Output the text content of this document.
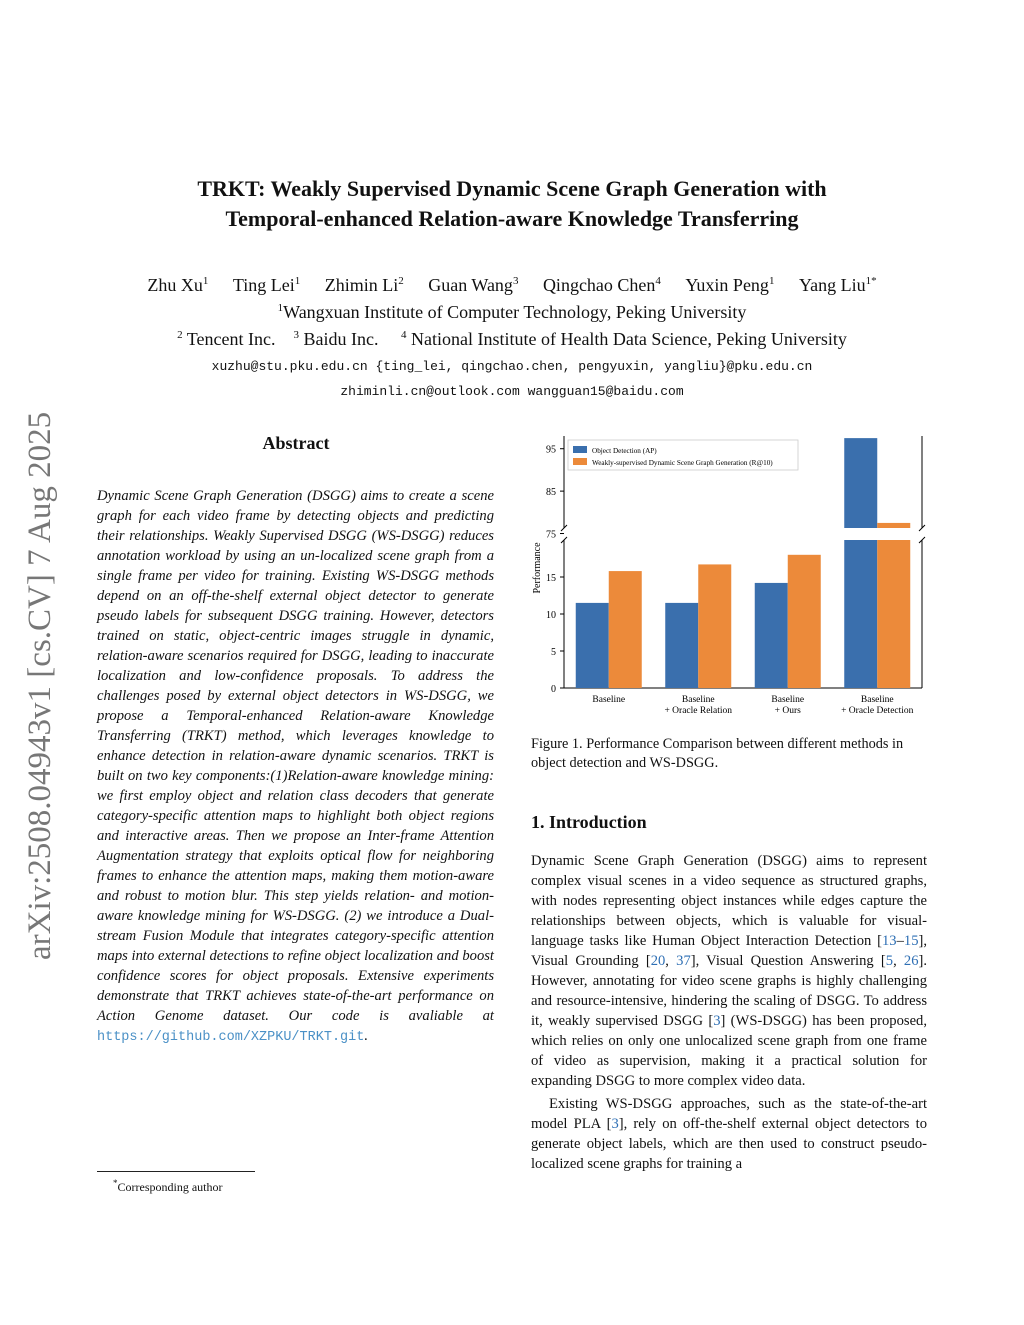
arXiv:2508.04943v1 [cs.CV] 7 Aug 2025
TRKT: Weakly Supervised Dynamic Scene Graph Generation with
Temporal-enhanced Relation-aware Knowledge Transferring
Zhu Xu$^1$ Ting Lei$^1$ Zhimin Li$^2$ Guan Wang$^3$ Qingchao Chen$^4$ Yuxin Peng$^1$ Yang Liu$^{1*}$
$^1$Wangxuan Institute of Computer Technology, Peking University
$^2$ Tencent Inc. $^3$ Baidu Inc. $^4$ National Institute of Health Data Science, Peking University
xuzhu@stu.pku.edu.cn {ting_lei, qingchao.chen, pengyuxin, yangliu}@pku.edu.cn
zhiminli.cn@outlook.com wangguan15@baidu.com
Abstract
Dynamic Scene Graph Generation (DSGG) aims to create a scene graph for each video frame by detecting objects and predicting their relationships. Weakly Supervised DSGG (WS-DSGG) reduces annotation workload by using an un-localized scene graph from a single frame per video for training. Existing WS-DSGG methods depend on an off-the-shelf external object detector to generate pseudo labels for subsequent DSGG training. However, detectors trained on static, object-centric images struggle in dynamic, relation-aware scenarios required for DSGG, leading to inaccurate localization and low-confidence proposals. To address the challenges posed by external object detectors in WS-DSGG, we propose a Temporal-enhanced Relation-aware Knowledge Transferring (TRKT) method, which leverages knowledge to enhance detection in relation-aware dynamic scenarios. TRKT is built on two key components:(1)Relation-aware knowledge mining: we first employ object and relation class decoders that generate category-specific attention maps to highlight both object regions and interactive areas. Then we propose an Inter-frame Attention Augmentation strategy that exploits optical flow for neighboring frames to enhance the attention maps, making them motion-aware and robust to motion blur. This step yields relation- and motion-aware knowledge mining for WS-DSGG. (2) we introduce a Dual-stream Fusion Module that integrates category-specific attention maps into external detections to refine object localization and boost confidence scores for object proposals. Extensive experiments demonstrate that TRKT achieves state-of-the-art performance on Action Genome dataset. Our code is avaliable at https://github.com/XZPKU/TRKT.git.
*Corresponding author
75
85
95
0
5
10
15
Performance
Baseline	Baseline
+ Oracle Relation
Baseline
+ Ours
Baseline
+ Oracle Detection
Object Detection (AP)
Weakly-supervised Dynamic Scene Graph Generation (R@10)
Figure 1. Performance Comparison between different methods in object detection and WS-DSGG.
1. Introduction

Dynamic Scene Graph Generation (DSGG) aims to represent complex visual scenes in a video sequence as structured graphs, with nodes representing object instances while edges capture the relationships between objects, which is valuable for visual-language tasks like Human Object Interaction Detection [13–15], Visual Grounding [20, 37], Visual Question Answering [5, 26]. However, annotating for video scene graphs is highly challenging and resource-intensive, hindering the scaling of DSGG. To address it, weakly supervised DSGG [3] (WS-DSGG) has been proposed, which relies on only one unlocalized scene graph from one frame of video as supervision, making it a practical solution for expanding DSGG to more complex video data.

Existing WS-DSGG approaches, such as the state-of-the-art model PLA [3], rely on off-the-shelf external object detectors to generate object labels, which are then used to construct pseudo-localized scene graphs for training a
